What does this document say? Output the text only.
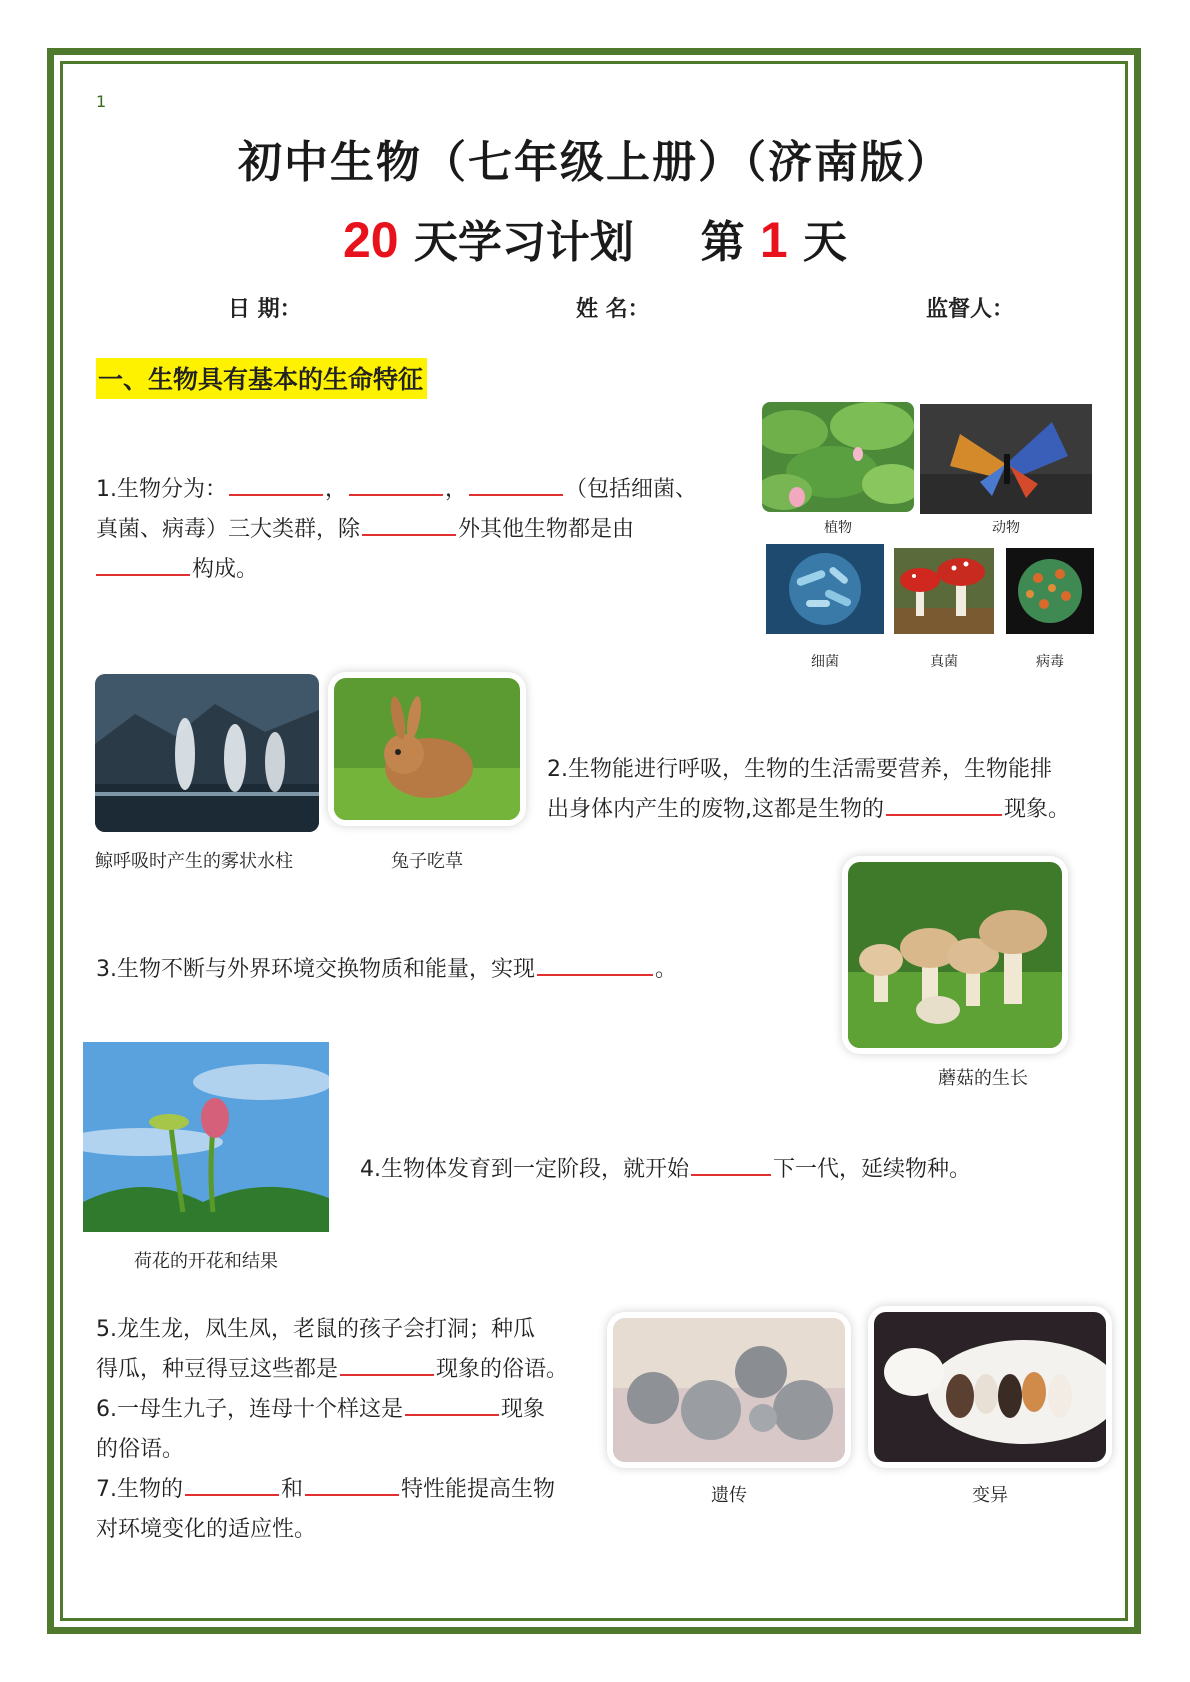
1
初中生物（七年级上册）（济南版）
20 天学习计划 第 1 天
日 期：	姓 名：	监督人：
一、生物具有基本的生命特征
1.生物分为：	，	，	（包括细菌、
真菌、病毒）三大类群，除	外其他生物都是由
构成。
植物	动物
细菌	真菌	病毒
鲸呼吸时产生的雾状水柱	兔子吃草
2.生物能进行呼吸，生物的生活需要营养，生物能排
出身体内产生的废物,这都是生物的	现象。
蘑菇的生长
3.生物不断与外界环境交换物质和能量，实现	。
荷花的开花和结果
4.生物体发育到一定阶段，就开始	下一代，延续物种。
5.龙生龙，凤生凤，老鼠的孩子会打洞；种瓜
得瓜，种豆得豆这些都是	现象的俗语。
6.一母生九子，连母十个样这是	现象
的俗语。
7.生物的	和	特性能提高生物
对环境变化的适应性。
遗传	变异
